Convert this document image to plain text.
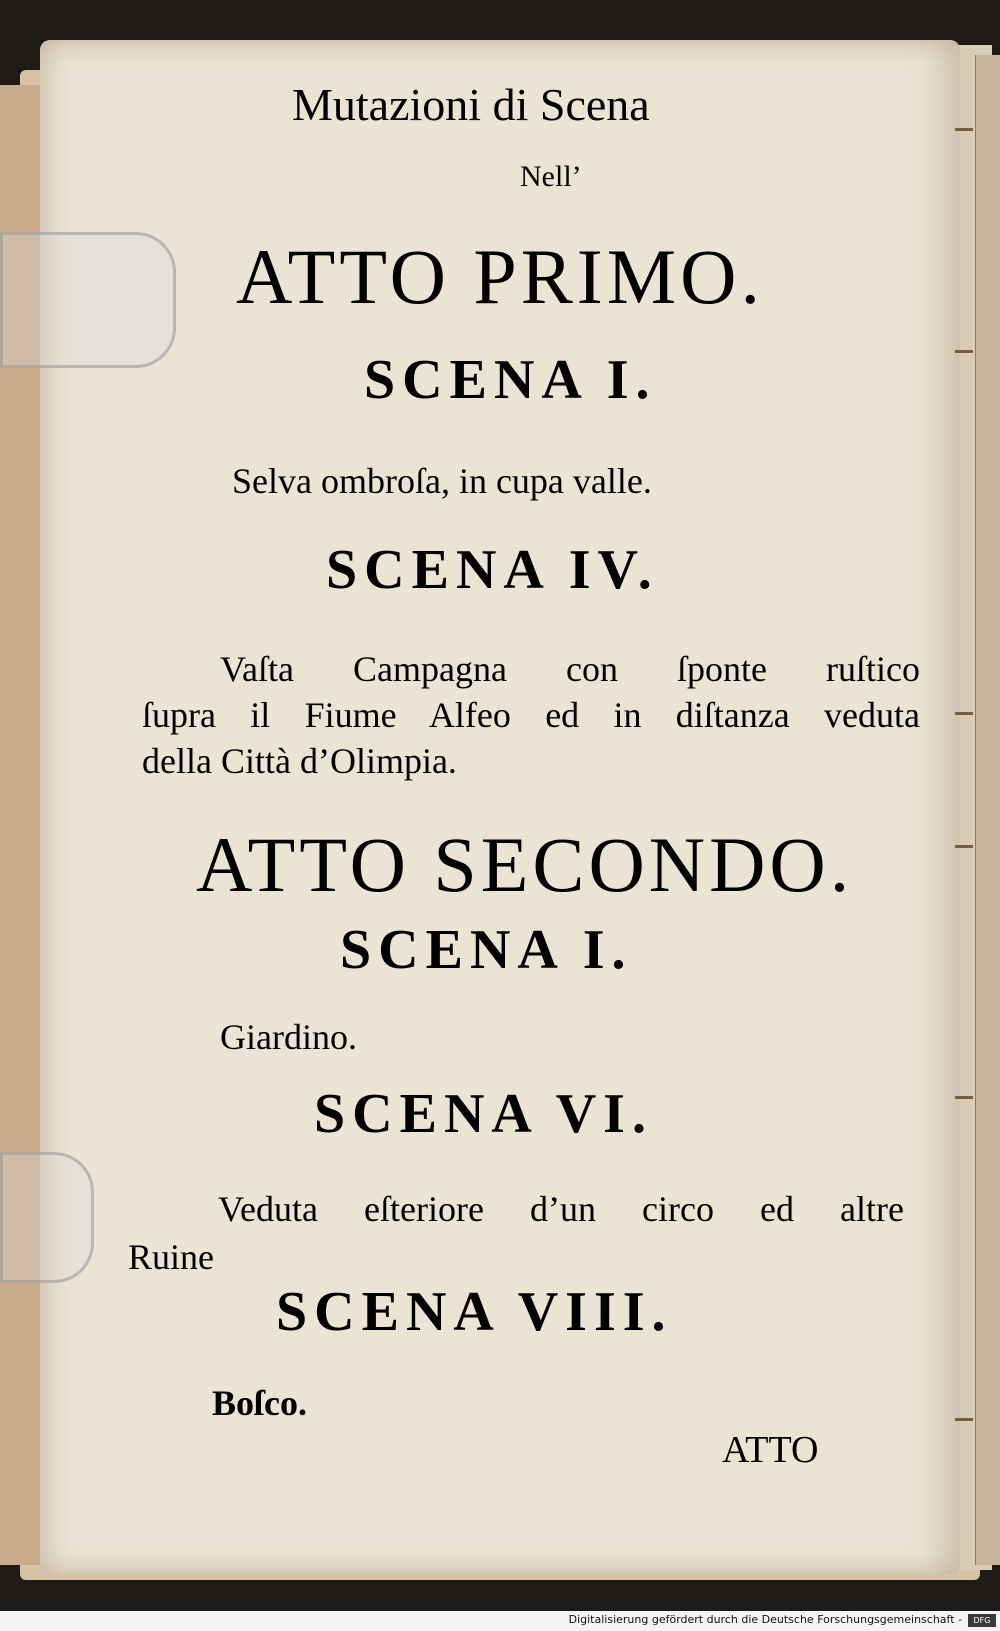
Mutazioni di Scena
Nell’
ATTO PRIMO.
SCENA I.
Selva ombroſa, in cupa valle.
SCENA IV.
Vaſta Campagna con ſponte ruſtico
ſupra il Fiume Alfeo ed in diſtanza veduta
della Città d’Olimpia.
ATTO SECONDO.
SCENA I.
Giardino.
SCENA VI.
Veduta eſteriore d’un circo ed altre
Ruine
SCENA VIII.
Boſco.
ATTO
Digitalisierung gefördert durch die Deutsche Forschungsgemeinschaft -	DFG
